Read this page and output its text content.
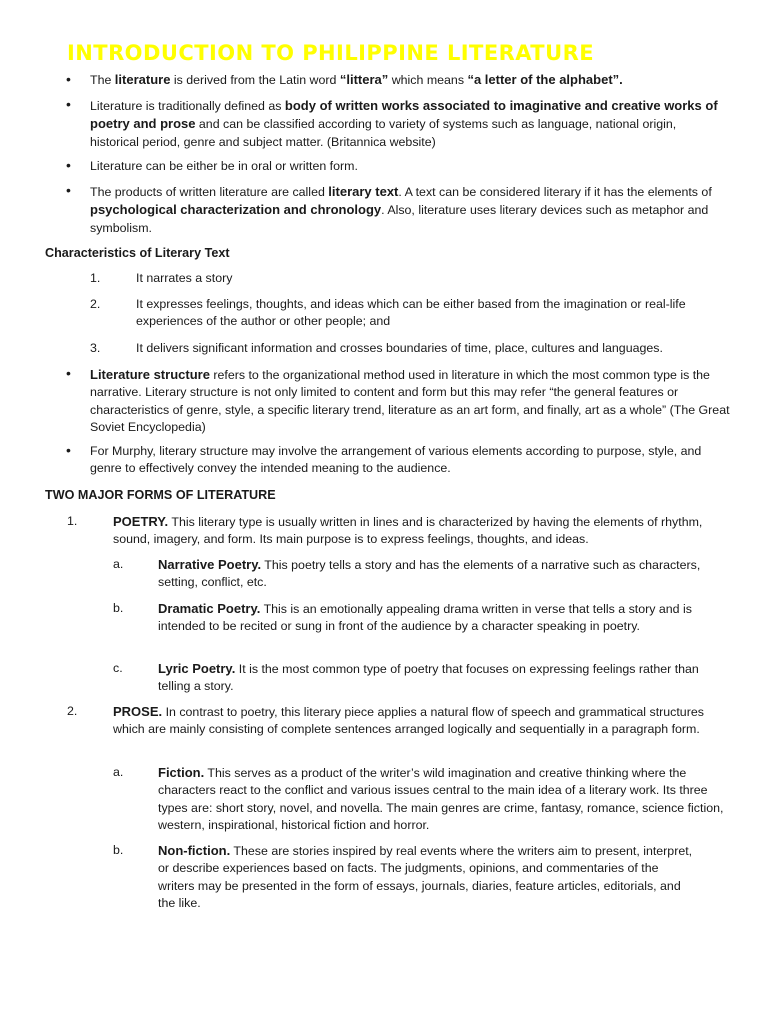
INTRODUCTION TO PHILIPPINE LITERATURE
•
The literature is derived from the Latin word “littera” which means “a letter of the alphabet”.
•
Literature is traditionally defined as body of written works associated to imaginative and creative works of poetry and prose and can be classified according to variety of systems such as language, national origin, historical period, genre and subject matter. (Britannica website)
•
Literature can be either be in oral or written form.
•
The products of written literature are called literary text. A text can be considered literary if it has the elements of psychological characterization and chronology. Also, literature uses literary devices such as metaphor and symbolism.
Characteristics of Literary Text
1.	It narrates a story
2.	It expresses feelings, thoughts, and ideas which can be either based from the imagination or real-life experiences of the author or other people; and
3.	It delivers significant information and crosses boundaries of time, place, cultures and languages.
•
Literature structure refers to the organizational method used in literature in which the most common type is the narrative. Literary structure is not only limited to content and form but this may refer “the general features or characteristics of genre, style, a specific literary trend, literature as an art form, and finally, art as a whole” (The Great Soviet Encyclopedia)
•
For Murphy, literary structure may involve the arrangement of various elements according to purpose, style, and genre to effectively convey the intended meaning to the audience.
TWO MAJOR FORMS OF LITERATURE
1.	POETRY. This literary type is usually written in lines and is characterized by having the elements of rhythm, sound, imagery, and form. Its main purpose is to express feelings, thoughts, and ideas.
a.	Narrative Poetry. This poetry tells a story and has the elements of a narrative such as characters, setting, conflict, etc.
b.	Dramatic Poetry. This is an emotionally appealing drama written in verse that tells a story and is intended to be recited or sung in front of the audience by a character speaking in poetry.
c.	Lyric Poetry. It is the most common type of poetry that focuses on expressing feelings rather than telling a story.
2.	PROSE. In contrast to poetry, this literary piece applies a natural flow of speech and grammatical structures which are mainly consisting of complete sentences arranged logically and sequentially in a paragraph form.
a.	Fiction. This serves as a product of the writer’s wild imagination and creative thinking where the characters react to the conflict and various issues central to the main idea of a literary work. Its three types are: short story, novel, and novella. The main genres are crime, fantasy, romance, science fiction, western, inspirational, historical fiction and horror.
b.	Non-fiction. These are stories inspired by real events where the writers aim to present, interpret, or describe experiences based on facts. The judgments, opinions, and commentaries of the writers may be presented in the form of essays, journals, diaries, feature articles, editorials, and the like.
